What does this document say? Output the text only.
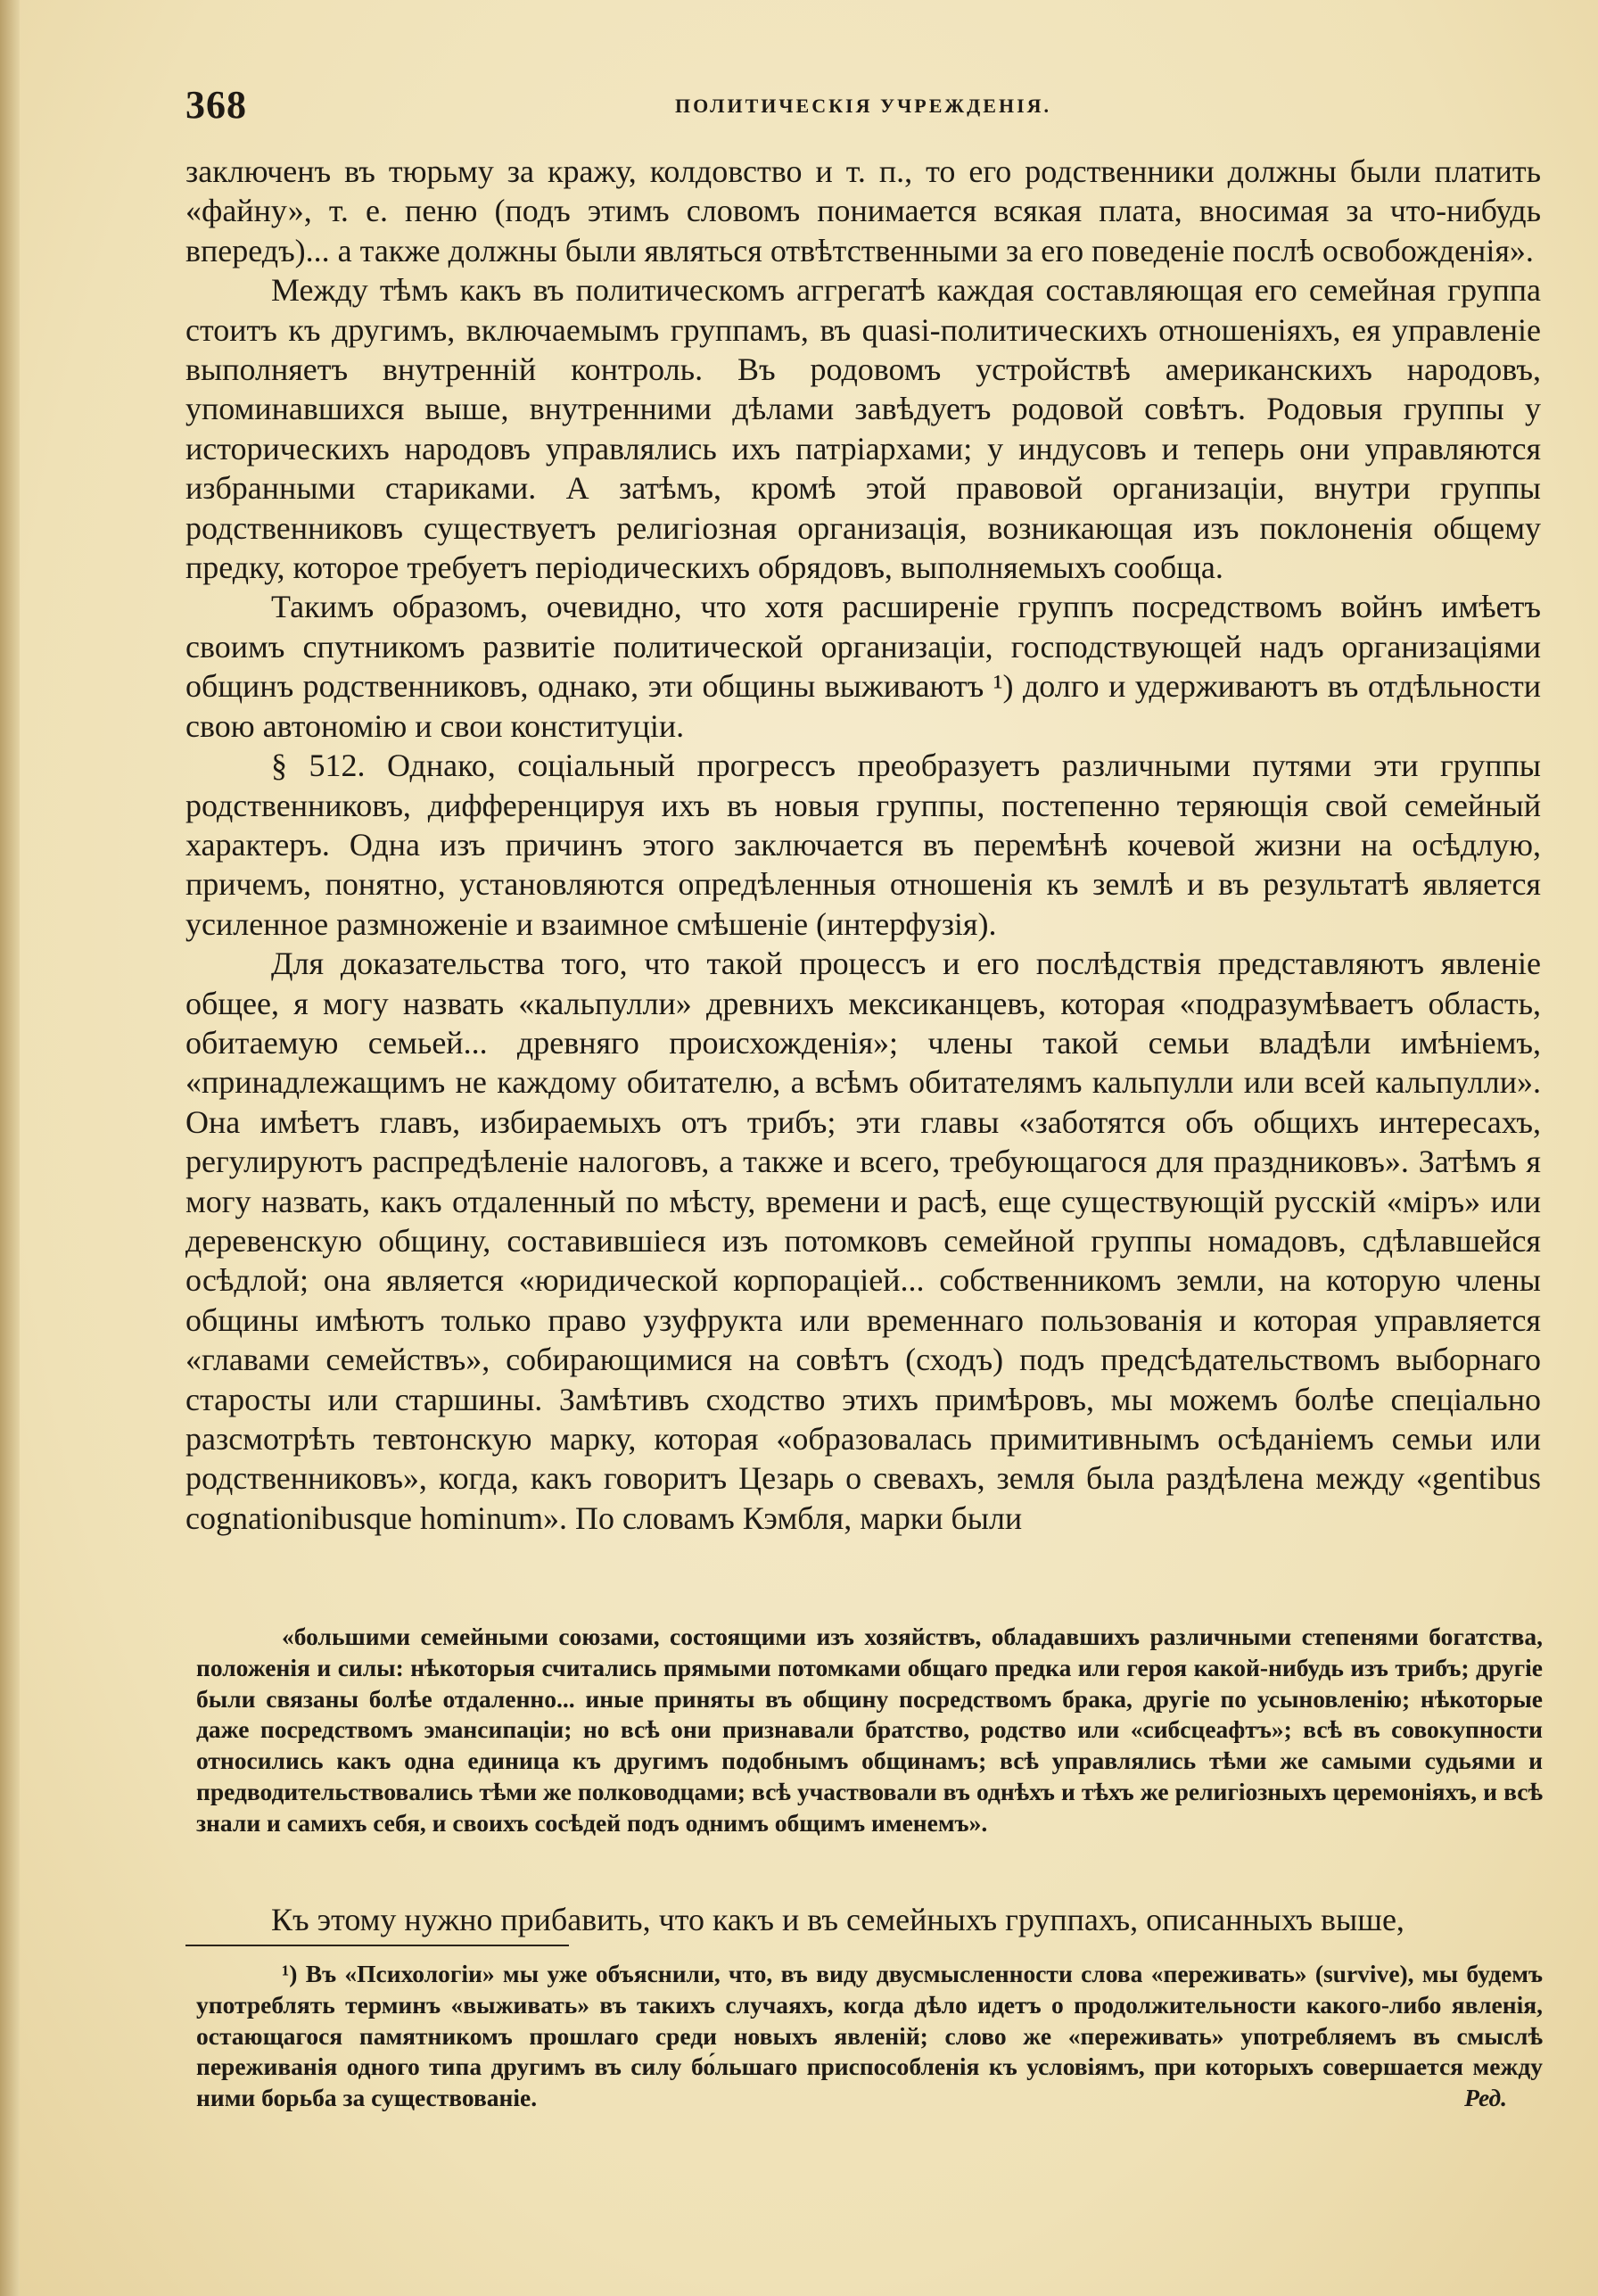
368	ПОЛИТИЧЕСКІЯ УЧРЕЖДЕНІЯ.

заключенъ въ тюрьму за кражу, колдовство и т. п., то его родственники должны были платить «файну», т. е. пеню (подъ этимъ словомъ понимается всякая плата, вносимая за что-нибудь впередъ)... а также должны были являться отвѣтственными за его поведеніе послѣ освобожденія».

Между тѣмъ какъ въ политическомъ аггрегатѣ каждая составляющая его семейная группа стоитъ къ другимъ, включаемымъ группамъ, въ quasi-политическихъ отношеніяхъ, ея управленіе выполняетъ внутренній контроль. Въ родовомъ устройствѣ американскихъ народовъ, упоминавшихся выше, внутренними дѣлами завѣдуетъ родовой совѣтъ. Родовыя группы у историческихъ народовъ управлялись ихъ патріархами; у индусовъ и теперь они управляются избранными стариками. А затѣмъ, кромѣ этой правовой организаціи, внутри группы родственниковъ существуетъ религіозная организація, возникающая изъ поклоненія общему предку, которое требуетъ періодическихъ обрядовъ, выполняемыхъ сообща.

Такимъ образомъ, очевидно, что хотя расширеніе группъ посредствомъ войнъ имѣетъ своимъ спутникомъ развитіе политической организаціи, господствующей надъ организаціями общинъ родственниковъ, однако, эти общины выживаютъ ¹) долго и удерживаютъ въ отдѣльности свою автономію и свои конституціи.

§ 512. Однако, соціальный прогрессъ преобразуетъ различными путями эти группы родственниковъ, дифференцируя ихъ въ новыя группы, постепенно теряющія свой семейный характеръ. Одна изъ причинъ этого заключается въ перемѣнѣ кочевой жизни на осѣдлую, причемъ, понятно, установляются опредѣленныя отношенія къ землѣ и въ результатѣ является усиленное размноженіе и взаимное смѣшеніе (интерфузія).

Для доказательства того, что такой процессъ и его послѣдствія представляютъ явленіе общее, я могу назвать «кальпулли» древнихъ мексиканцевъ, которая «подразумѣваетъ область, обитаемую семьей... древняго происхожденія»; члены такой семьи владѣли имѣніемъ, «принадлежащимъ не каждому обитателю, а всѣмъ обитателямъ кальпулли или всей кальпулли». Она имѣетъ главъ, избираемыхъ отъ трибъ; эти главы «заботятся объ общихъ интересахъ, регулируютъ распредѣленіе налоговъ, а также и всего, требующагося для праздниковъ». Затѣмъ я могу назвать, какъ отдаленный по мѣсту, времени и расѣ, еще существующій русскій «міръ» или деревенскую общину, составившіеся изъ потомковъ семейной группы номадовъ, сдѣлавшейся осѣдлой; она является «юридической корпораціей... собственникомъ земли, на которую члены общины имѣютъ только право узуфрукта или временнаго пользованія и которая управляется «главами семействъ», собирающимися на совѣтъ (сходъ) подъ предсѣдательствомъ выборнаго старосты или старшины. Замѣтивъ сходство этихъ примѣровъ, мы можемъ болѣе спеціально разсмотрѣть тевтонскую марку, которая «образовалась примитивнымъ осѣданіемъ семьи или родственниковъ», когда, какъ говоритъ Цезарь о свевахъ, земля была раздѣлена между «gentibus cognationibusque hominum». По словамъ Кэмбля, марки были

«большими семейными союзами, состоящими изъ хозяйствъ, обладавшихъ различными степенями богатства, положенія и силы: нѣкоторыя считались прямыми потомками общаго предка или героя какой-нибудь изъ трибъ; другіе были связаны болѣе отдаленно... иные приняты въ общину посредствомъ брака, другіе по усыновленію; нѣкоторые даже посредствомъ эмансипаціи; но всѣ они признавали братство, родство или «сибсцеафтъ»; всѣ въ совокупности относились какъ одна единица къ другимъ подобнымъ общинамъ; всѣ управлялись тѣми же самыми судьями и предводительствовались тѣми же полководцами; всѣ участвовали въ однѣхъ и тѣхъ же религіозныхъ церемоніяхъ, и всѣ знали и самихъ себя, и своихъ сосѣдей подъ однимъ общимъ именемъ».

Къ этому нужно прибавить, что какъ и въ семейныхъ группахъ, описанныхъ выше,

¹) Въ «Психологіи» мы уже объяснили, что, въ виду двусмысленности слова «переживать» (survive), мы будемъ употреблять терминъ «выживать» въ такихъ случаяхъ, когда дѣло идетъ о продолжительности какого-либо явленія, остающагося памятникомъ прошлаго среди новыхъ явленій; слово же «переживать» употребляемъ въ смыслѣ переживанія одного типа другимъ въ силу бо́льшаго приспособленія къ условіямъ, при которыхъ совершается между ними борьба за существованіе.	Ред.
